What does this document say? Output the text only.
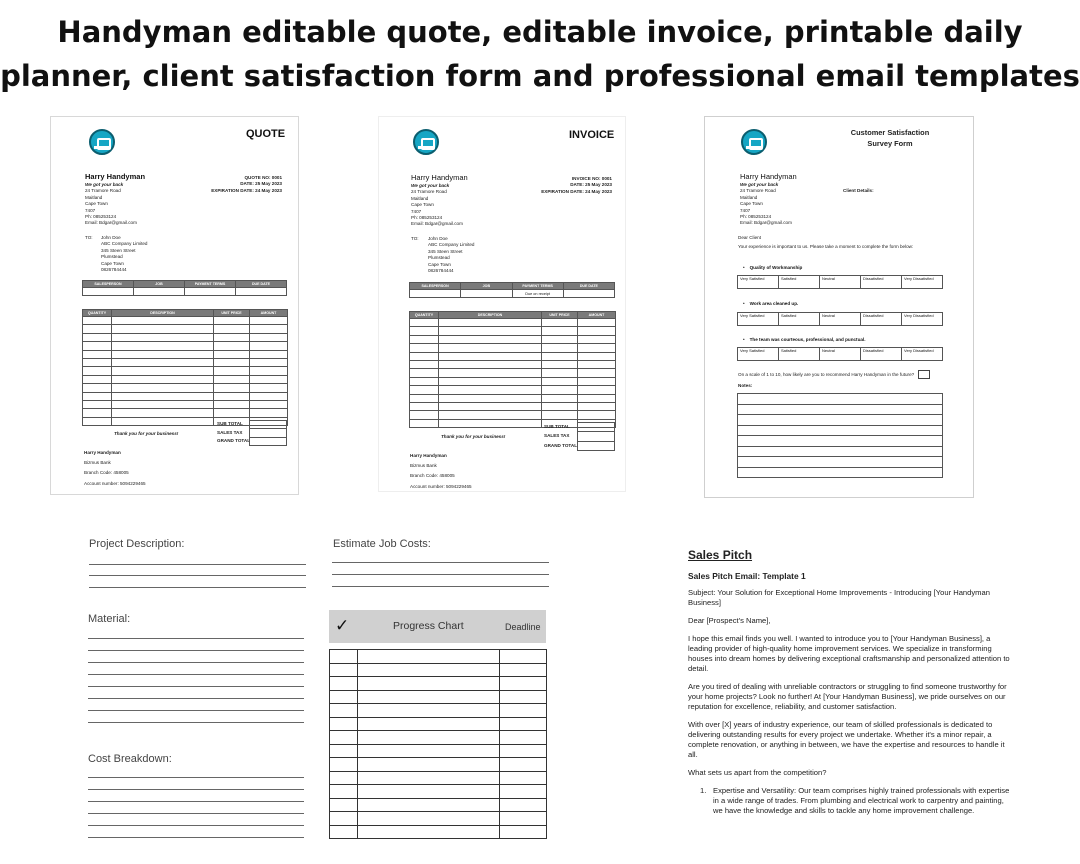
Handyman editable quote, editable invoice, printable daily
planner, client satisfaction form and professional email templates
QUOTE
Harry Handyman
We got your back
24 Tramore Road
Maitland
Cape Town
7407
Ph: 085253124
Email: Bdgar@gmail.com
QUOTE NO: 0001
DATE: 25 May 2023
EXPIRATION DATE: 24 May 2023
TO: John Doe
ABC Company Limited
345 Steen Street
Plumstead
Cape Town
0826784444
SALESPERSON	JOB	PAYMENT TERMS	DUE DATE

QUANTITY	DESCRIPTION	UNIT PRICE	AMOUNT

SUB TOTAL
SALES TAX
GRAND TOTAL

Thank you for your business!
Harry Handyman
Bizmus Bank
Branch Code: 458005
Account number: 5094229465
INVOICE
Harry Handyman
We got your back
24 Tramore Road
Maitland
Cape Town
7407
Ph: 085253124
Email: Bdgar@gmail.com
INVOICE NO: 0001
DATE: 25 May 2023
EXPIRATION DATE: 24 May 2023
TO: John Doe
ABC Company Limited
345 Steen Street
Plumstead
Cape Town
0826784444
SALESPERSON	JOB	PAYMENT TERMS	DUE DATE
		Due on receipt	
QUANTITY	DESCRIPTION	UNIT PRICE	AMOUNT

SUB TOTAL
SALES TAX
GRAND TOTAL

Thank you for your business!
Harry Handyman
Bizmus Bank
Branch Code: 458005
Account number: 5094229465
Customer Satisfaction
Survey Form
Harry Handyman
We got your back
24 Tramore Road
Maitland
Cape Town
7407
Ph: 085253124
Email: Bdgar@gmail.com
Client Details:
Dear Client
Your experience is important to us. Please take a moment to complete the form below:
• Quality of Workmanship
Very Satisfied	Satisfied	Neutral	Dissatisfied	Very Dissatisfied
• Work area cleaned up.
Very Satisfied	Satisfied	Neutral	Dissatisfied	Very Dissatisfied
• The team was courteous, professional, and punctual.
Very Satisfied	Satisfied	Neutral	Dissatisfied	Very Dissatisfied
On a scale of 1 to 10, how likely are you to recommend Harry Handyman in the future?
Notes:

Project Description:
Material:
Cost Breakdown:
Estimate Job Costs:
✓	Progress Chart	Deadline

Sales Pitch
Sales Pitch Email: Template 1

Subject: Your Solution for Exceptional Home Improvements - Introducing [Your Handyman Business]

Dear [Prospect's Name],

I hope this email finds you well. I wanted to introduce you to [Your Handyman Business], a leading provider of high-quality home improvement services. We specialize in transforming houses into dream homes by delivering exceptional craftsmanship and personalized attention to detail.

Are you tired of dealing with unreliable contractors or struggling to find someone trustworthy for your home projects? Look no further! At [Your Handyman Business], we pride ourselves on our reputation for excellence, reliability, and customer satisfaction.

With over [X] years of industry experience, our team of skilled professionals is dedicated to delivering outstanding results for every project we undertake. Whether it's a minor repair, a complete renovation, or anything in between, we have the expertise and resources to handle it all.

What sets us apart from the competition?

1. Expertise and Versatility: Our team comprises highly trained professionals with expertise in a wide range of trades. From plumbing and electrical work to carpentry and painting, we have the knowledge and skills to tackle any home improvement challenge.
